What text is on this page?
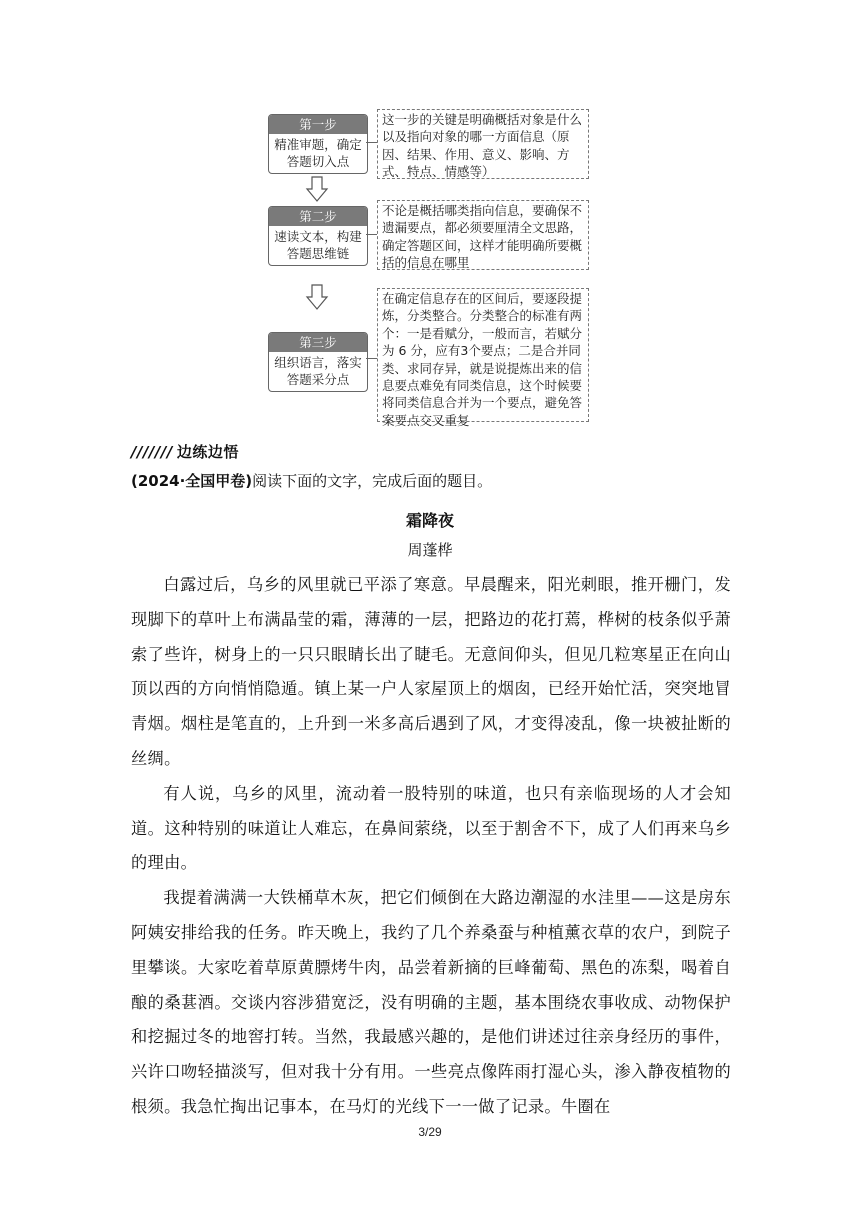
第一步
精准审题，确定答题切入点
这一步的关键是明确概括对象是什么以及指向对象的哪一方面信息（原因、结果、作用、意义、影响、方式、特点、情感等）
第二步
速读文本，构建答题思维链
不论是概括哪类指向信息，要确保不遗漏要点，都必须要厘清全文思路，确定答题区间，这样才能明确所要概括的信息在哪里
第三步
组织语言，落实答题采分点
在确定信息存在的区间后，要逐段提炼，分类整合。分类整合的标准有两个：一是看赋分，一般而言，若赋分为 6 分，应有3个要点；二是合并同类、求同存异，就是说提炼出来的信息要点难免有同类信息，这个时候要将同类信息合并为一个要点，避免答案要点交叉重复
/////// 边练边悟
(2024·全国甲卷)阅读下面的文字，完成后面的题目。
霜降夜
周蓬桦

白露过后，乌乡的风里就已平添了寒意。早晨醒来，阳光刺眼，推开栅门，发现脚下的草叶上布满晶莹的霜，薄薄的一层，把路边的花打蔫，桦树的枝条似乎萧索了些许，树身上的一只只眼睛长出了睫毛。无意间仰头，但见几粒寒星正在向山顶以西的方向悄悄隐遁。镇上某一户人家屋顶上的烟囱，已经开始忙活，突突地冒青烟。烟柱是笔直的，上升到一米多高后遇到了风，才变得凌乱，像一块被扯断的丝绸。

有人说，乌乡的风里，流动着一股特别的味道，也只有亲临现场的人才会知道。这种特别的味道让人难忘，在鼻间萦绕，以至于割舍不下，成了人们再来乌乡的理由。

我提着满满一大铁桶草木灰，把它们倾倒在大路边潮湿的水洼里——这是房东阿姨安排给我的任务。昨天晚上，我约了几个养桑蚕与种植薰衣草的农户，到院子里攀谈。大家吃着草原黄膘烤牛肉，品尝着新摘的巨峰葡萄、黑色的冻梨，喝着自酿的桑葚酒。交谈内容涉猎宽泛，没有明确的主题，基本围绕农事收成、动物保护和挖掘过冬的地窖打转。当然，我最感兴趣的，是他们讲述过往亲身经历的事件，兴许口吻轻描淡写，但对我十分有用。一些亮点像阵雨打湿心头，渗入静夜植物的根须。我急忙掏出记事本，在马灯的光线下一一做了记录。牛圈在

3/29
